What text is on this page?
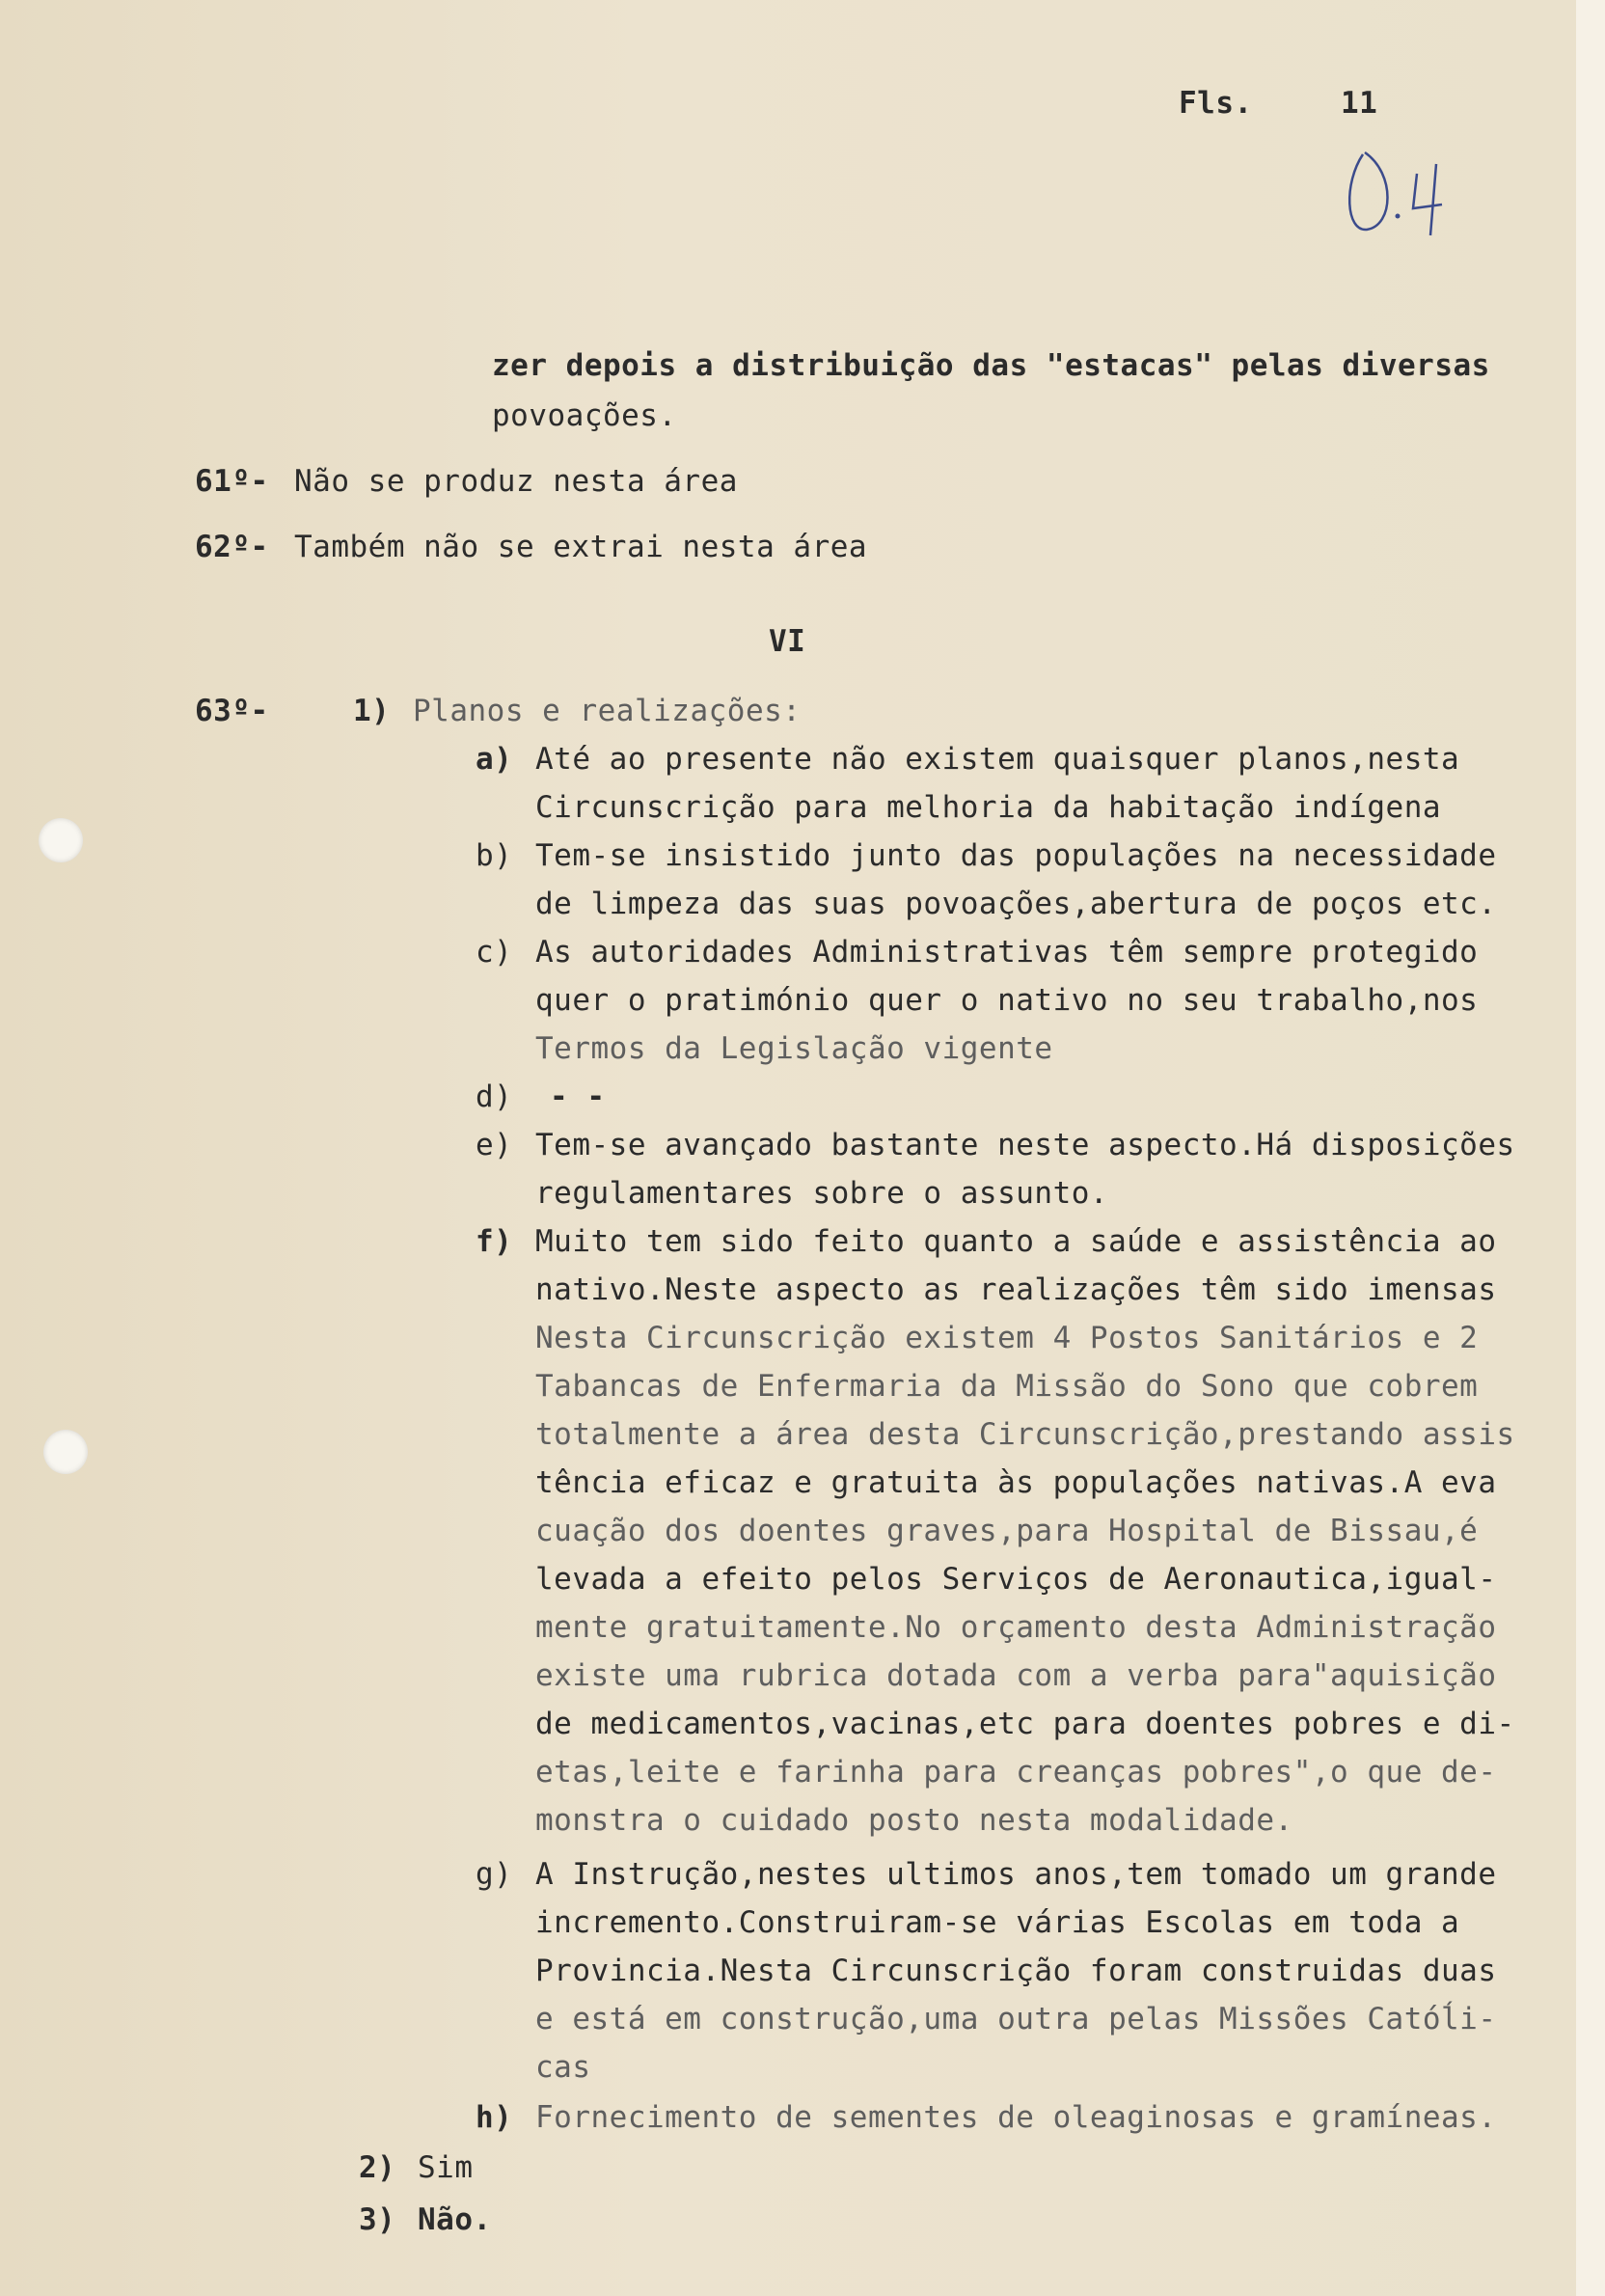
Fls.	11
zer depois a distribuição das "estacas" pelas diversas
povoações.
61º- Não se produz nesta área
62º- Também não se extrai nesta área
VI
63º-	1) Planos e realizações:
a) Até ao presente não existem quaisquer planos,nesta
Circunscrição para melhoria da habitação indígena
b) Tem-se insistido junto das populações na necessidade
de limpeza das suas povoações,abertura de poços etc.
c) As autoridades Administrativas têm sempre protegido
quer o pratimónio quer o nativo no seu trabalho,nos
Termos da Legislação vigente
d) - -
e) Tem-se avançado bastante neste aspecto.Há disposições
regulamentares sobre o assunto.
f) Muito tem sido feito quanto a saúde e assistência ao
nativo.Neste aspecto as realizações têm sido imensas
Nesta Circunscrição existem 4 Postos Sanitários e 2
Tabancas de Enfermaria da Missão do Sono que cobrem
totalmente a área desta Circunscrição,prestando assis
tência eficaz e gratuita às populações nativas.A eva
cuação dos doentes graves,para Hospital de Bissau,é
levada a efeito pelos Serviços de Aeronautica,igual-
mente gratuitamente.No orçamento desta Administração
existe uma rubrica dotada com a verba para"aquisição
de medicamentos,vacinas,etc para doentes pobres e di-
etas,leite e farinha para creanças pobres",o que de-
monstra o cuidado posto nesta modalidade.
g) A Instrução,nestes ultimos anos,tem tomado um grande
incremento.Construiram-se várias Escolas em toda a
Provincia.Nesta Circunscrição foram construidas duas
e está em construção,uma outra pelas Missões Catóĺi-
cas
h) Fornecimento de sementes de oleaginosas e gramíneas.
2) Sim
3) Não.
